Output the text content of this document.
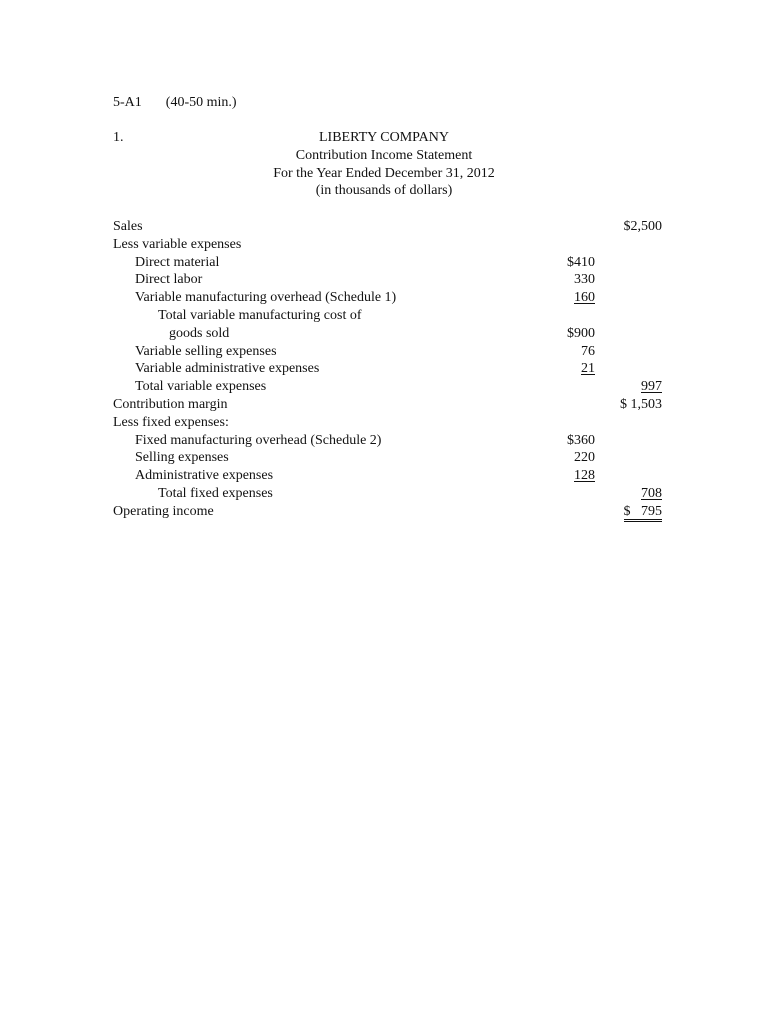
5-A1 (40-50 min.)
1.	LIBERTY COMPANY
Contribution Income Statement
For the Year Ended December 31, 2012
(in thousands of dollars)
Sales	$2,500
Less variable expenses
Direct material	$410
Direct labor	330
Variable manufacturing overhead (Schedule 1)	160
Total variable manufacturing cost of
goods sold	$900
Variable selling expenses	76
Variable administrative expenses	21
Total variable expenses	997
Contribution margin	$ 1,503
Less fixed expenses:
Fixed manufacturing overhead (Schedule 2)	$360
Selling expenses	220
Administrative expenses	128
Total fixed expenses	708
Operating income	$   795
